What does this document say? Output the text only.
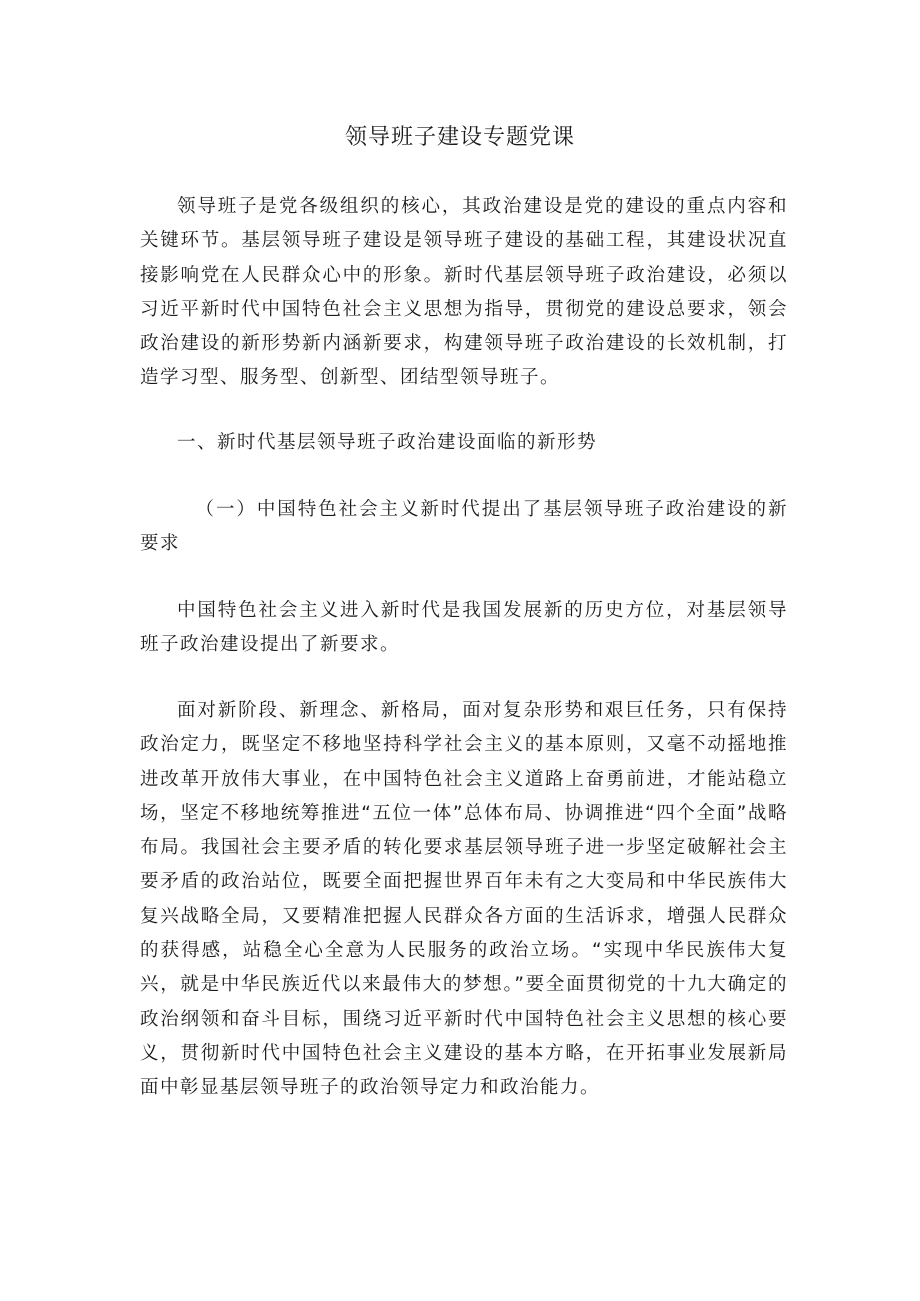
领导班子建设专题党课

领导班子是党各级组织的核心，其政治建设是党的建设的重点内容和关键环节。基层领导班子建设是领导班子建设的基础工程，其建设状况直接影响党在人民群众心中的形象。新时代基层领导班子政治建设，必须以习近平新时代中国特色社会主义思想为指导，贯彻党的建设总要求，领会政治建设的新形势新内涵新要求，构建领导班子政治建设的长效机制，打造学习型、服务型、创新型、团结型领导班子。

一、新时代基层领导班子政治建设面临的新形势

（一）中国特色社会主义新时代提出了基层领导班子政治建设的新要求

中国特色社会主义进入新时代是我国发展新的历史方位，对基层领导班子政治建设提出了新要求。

面对新阶段、新理念、新格局，面对复杂形势和艰巨任务，只有保持政治定力，既坚定不移地坚持科学社会主义的基本原则，又毫不动摇地推进改革开放伟大事业，在中国特色社会主义道路上奋勇前进，才能站稳立场，坚定不移地统筹推进“五位一体”总体布局、协调推进“四个全面”战略布局。我国社会主要矛盾的转化要求基层领导班子进一步坚定破解社会主要矛盾的政治站位，既要全面把握世界百年未有之大变局和中华民族伟大复兴战略全局，又要精准把握人民群众各方面的生活诉求，增强人民群众的获得感，站稳全心全意为人民服务的政治立场。“实现中华民族伟大复兴，就是中华民族近代以来最伟大的梦想。”要全面贯彻党的十九大确定的政治纲领和奋斗目标，围绕习近平新时代中国特色社会主义思想的核心要义，贯彻新时代中国特色社会主义建设的基本方略，在开拓事业发展新局面中彰显基层领导班子的政治领导定力和政治能力。
